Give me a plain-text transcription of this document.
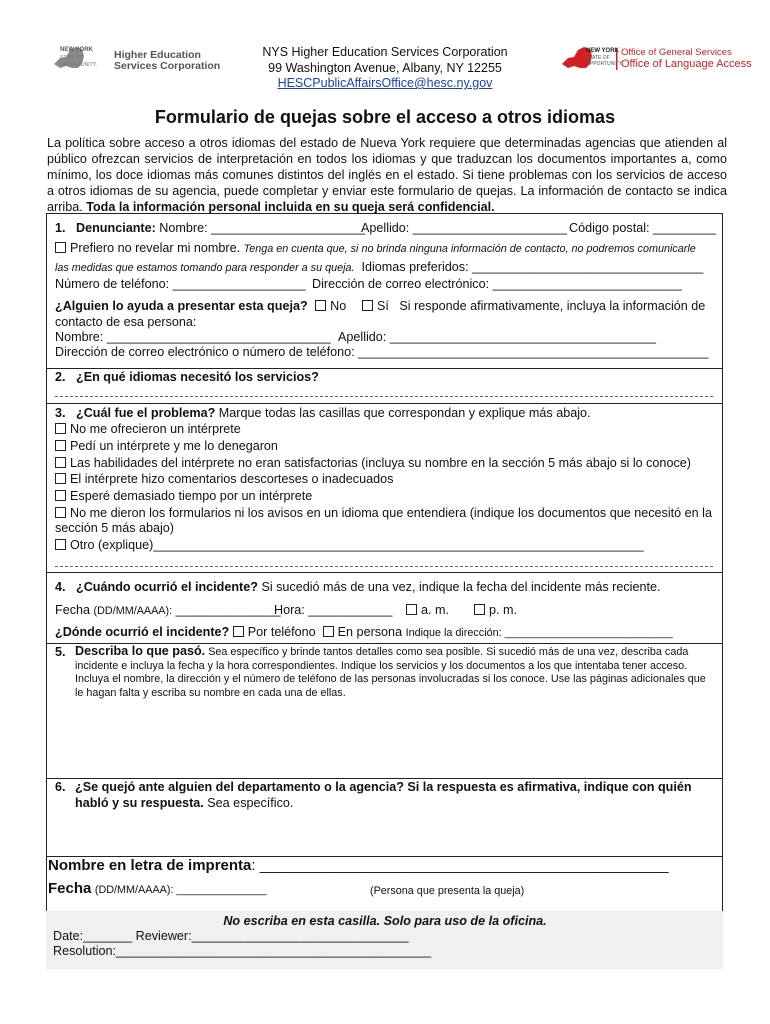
NEW YORK
STATE OF
OPPORTUNITY.
Higher Education
Services Corporation
NYS Higher Education Services Corporation
99 Washington Avenue, Albany, NY 12255
HESCPublicAffairsOffice@hesc.ny.gov
NEW YORK
STATE OF
OPPORTUNITY.
Office of General Services
Office of Language Access
Formulario de quejas sobre el acceso a otros idiomas
La política sobre acceso a otros idiomas del estado de Nueva York requiere que determinadas agencias que atienden al público ofrezcan servicios de interpretación en todos los idiomas y que traduzcan los documentos importantes a, como mínimo, los doce idiomas más comunes distintos del inglés en el estado. Si tiene problemas con los servicios de acceso a otros idiomas de su agencia, puede completar y enviar este formulario de quejas. La información de contacto se indica arriba. Toda la información personal incluida en su queja será confidencial.
1. Denunciante: Nombre: ______________________
Apellido: ______________________ Código postal: _________
Prefiero no revelar mi nombre. Tenga en cuenta que, si no brinda ninguna información de contacto, no podremos comunicarle
las medidas que estamos tomando para responder a su queja. Idiomas preferidos: _________________________________
Número de teléfono: ___________________ Dirección de correo electrónico: ___________________________
¿Alguien lo ayuda a presentar esta queja? No	Sí Si responde afirmativamente, incluya la información de
contacto de esa persona:
Nombre: ________________________________ Apellido: ______________________________________
Dirección de correo electrónico o número de teléfono: __________________________________________________
2. ¿En qué idiomas necesitó los servicios?
3. ¿Cuál fue el problema? Marque todas las casillas que correspondan y explique más abajo.
No me ofrecieron un intérprete
Pedí un intérprete y me lo denegaron
Las habilidades del intérprete no eran satisfactorias (incluya su nombre en la sección 5 más abajo si lo conoce)
El intérprete hizo comentarios descorteses o inadecuados
Esperé demasiado tiempo por un intérprete
No me dieron los formularios ni los avisos en un idioma que entendiera (indique los documentos que necesitó en la
sección 5 más abajo)
Otro (explique)______________________________________________________________________
4. ¿Cuándo ocurrió el incidente? Si sucedió más de una vez, indique la fecha del incidente más reciente.
Fecha (DD/MM/AAAA): _______________
Hora: ____________	a. m.	p. m.
¿Dónde ocurrió el incidente? Por teléfono En persona Indique la dirección: ____________________________
5. Describa lo que pasó. Sea específico y brinde tantos detalles como sea posible. Si sucedió más de una vez, describa cada incidente e incluya la fecha y la hora correspondientes. Indique los servicios y los documentos a los que intentaba tener acceso. Incluya el nombre, la dirección y el número de teléfono de las personas involucradas si los conoce. Use las páginas adicionales que le hagan falta y escriba su nombre en cada una de ellas.
6. ¿Se quejó ante alguien del departamento o la agencia? Si la respuesta es afirmativa, indique con quién habló y su respuesta. Sea específico.
Nombre en letra de imprenta: _________________________________________________
Fecha (DD/MM/AAAA): _______________	(Persona que presenta la queja)
No escriba en esta casilla. Solo para uso de la oficina.
Date:_______ Reviewer:_______________________________
Resolution:_____________________________________________
